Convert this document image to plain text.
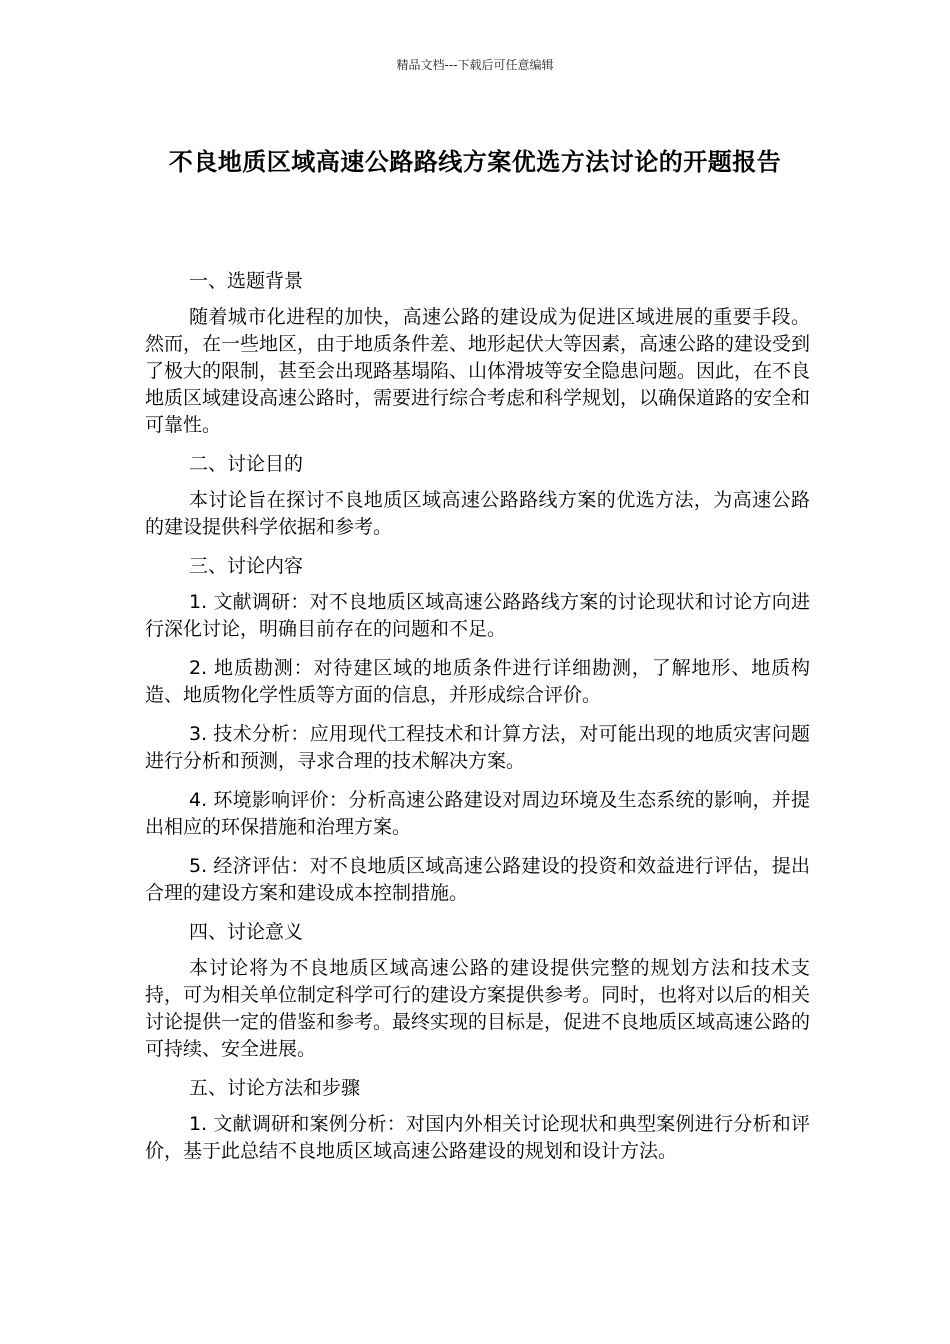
精品文档---下载后可任意编辑
不良地质区域高速公路路线方案优选方法讨论的开题报告

一、选题背景

随着城市化进程的加快，高速公路的建设成为促进区域进展的重要手段。然而，在一些地区，由于地质条件差、地形起伏大等因素，高速公路的建设受到了极大的限制，甚至会出现路基塌陷、山体滑坡等安全隐患问题。因此，在不良地质区域建设高速公路时，需要进行综合考虑和科学规划，以确保道路的安全和可靠性。

二、讨论目的

本讨论旨在探讨不良地质区域高速公路路线方案的优选方法，为高速公路的建设提供科学依据和参考。

三、讨论内容

1. 文献调研：对不良地质区域高速公路路线方案的讨论现状和讨论方向进行深化讨论，明确目前存在的问题和不足。

2. 地质勘测：对待建区域的地质条件进行详细勘测，了解地形、地质构造、地质物化学性质等方面的信息，并形成综合评价。

3. 技术分析：应用现代工程技术和计算方法，对可能出现的地质灾害问题进行分析和预测，寻求合理的技术解决方案。

4. 环境影响评价：分析高速公路建设对周边环境及生态系统的影响，并提出相应的环保措施和治理方案。

5. 经济评估：对不良地质区域高速公路建设的投资和效益进行评估，提出合理的建设方案和建设成本控制措施。

四、讨论意义

本讨论将为不良地质区域高速公路的建设提供完整的规划方法和技术支持，可为相关单位制定科学可行的建设方案提供参考。同时，也将对以后的相关讨论提供一定的借鉴和参考。最终实现的目标是，促进不良地质区域高速公路的可持续、安全进展。

五、讨论方法和步骤

1. 文献调研和案例分析：对国内外相关讨论现状和典型案例进行分析和评价，基于此总结不良地质区域高速公路建设的规划和设计方法。
